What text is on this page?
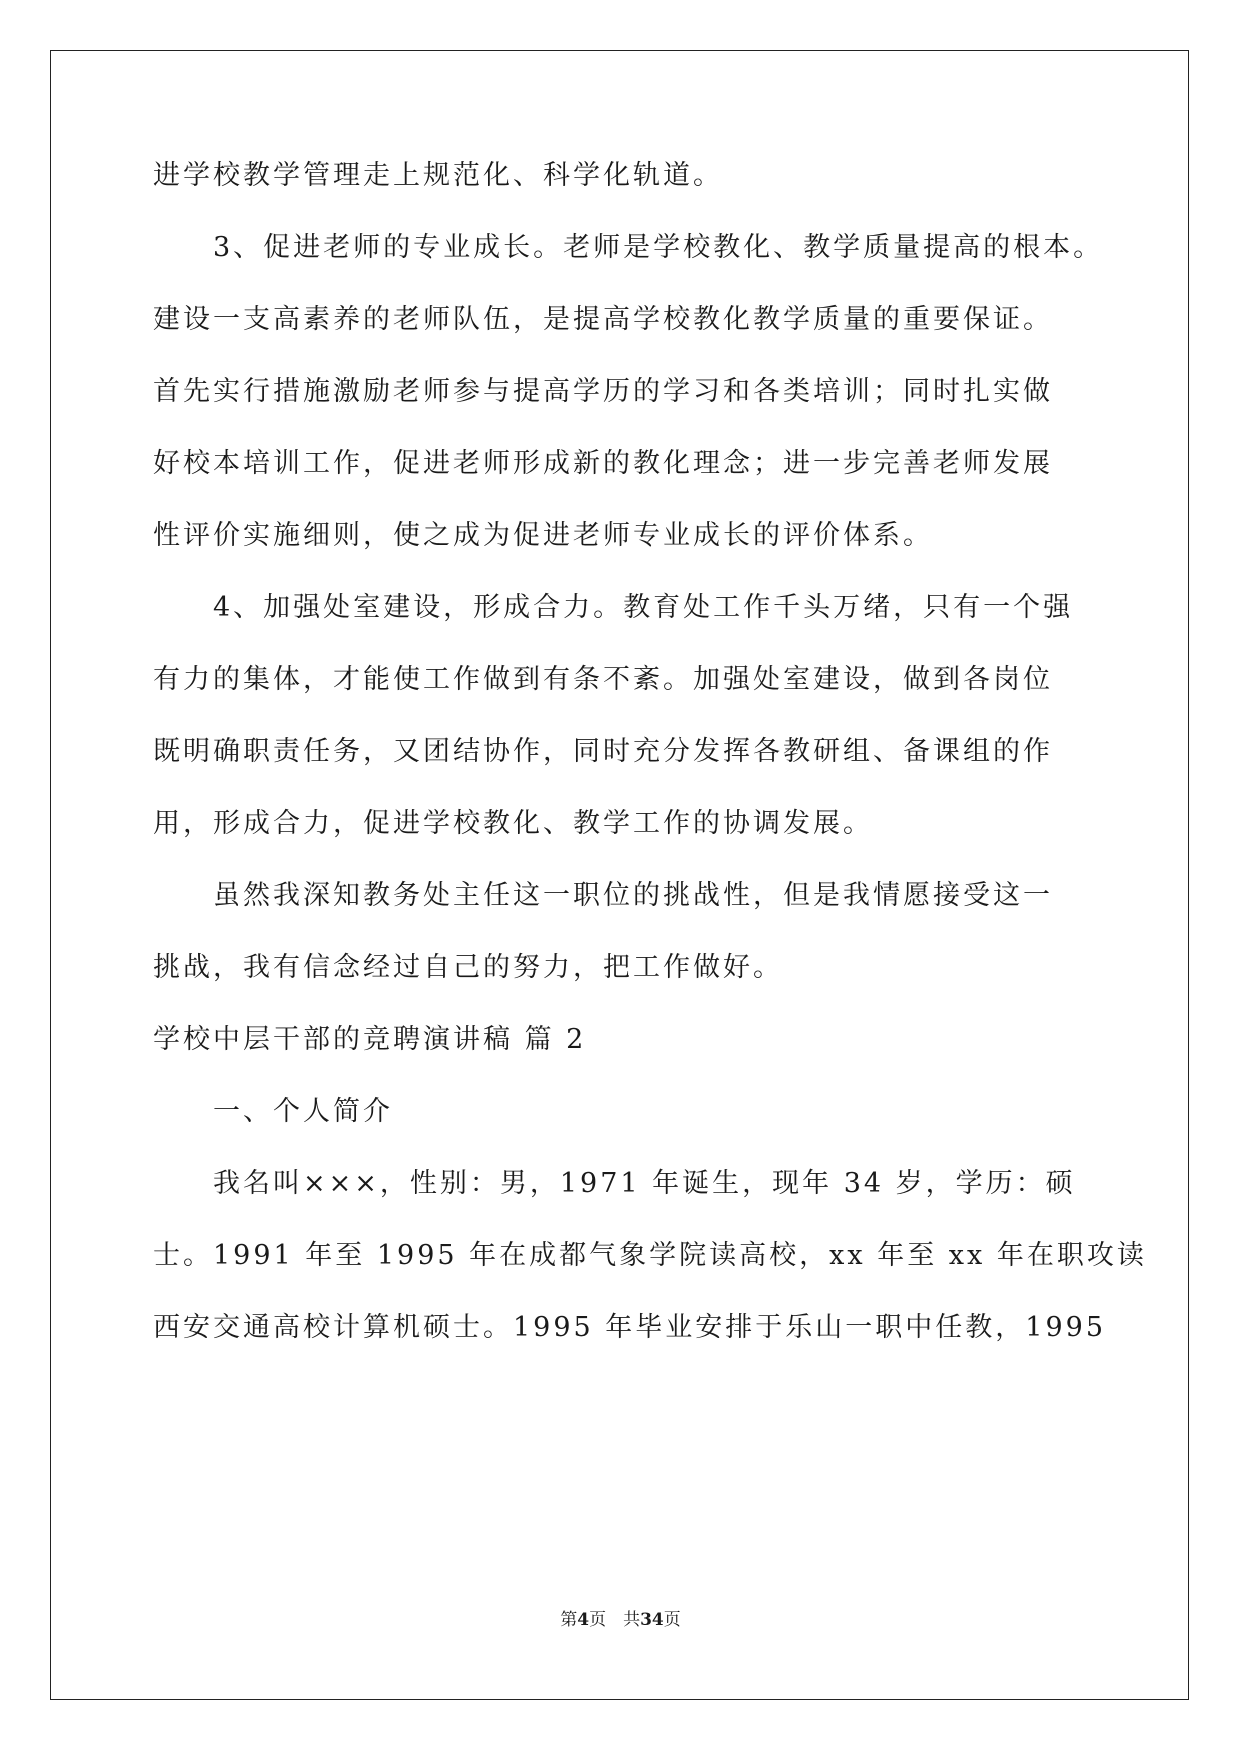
进学校教学管理走上规范化、科学化轨道。
3、促进老师的专业成长。老师是学校教化、教学质量提高的根本。
建设一支高素养的老师队伍，是提高学校教化教学质量的重要保证。
首先实行措施激励老师参与提高学历的学习和各类培训；同时扎实做
好校本培训工作，促进老师形成新的教化理念；进一步完善老师发展
性评价实施细则，使之成为促进老师专业成长的评价体系。
4、加强处室建设，形成合力。教育处工作千头万绪，只有一个强
有力的集体，才能使工作做到有条不紊。加强处室建设，做到各岗位
既明确职责任务，又团结协作，同时充分发挥各教研组、备课组的作
用，形成合力，促进学校教化、教学工作的协调发展。
虽然我深知教务处主任这一职位的挑战性，但是我情愿接受这一
挑战，我有信念经过自己的努力，把工作做好。
学校中层干部的竞聘演讲稿 篇 2
一、个人简介
我名叫×××，性别：男，1971 年诞生，现年 34 岁，学历：硕
士。1991 年至 1995 年在成都气象学院读高校，xx 年至 xx 年在职攻读
西安交通高校计算机硕士。1995 年毕业安排于乐山一职中任教，1995
第4页　共34页
